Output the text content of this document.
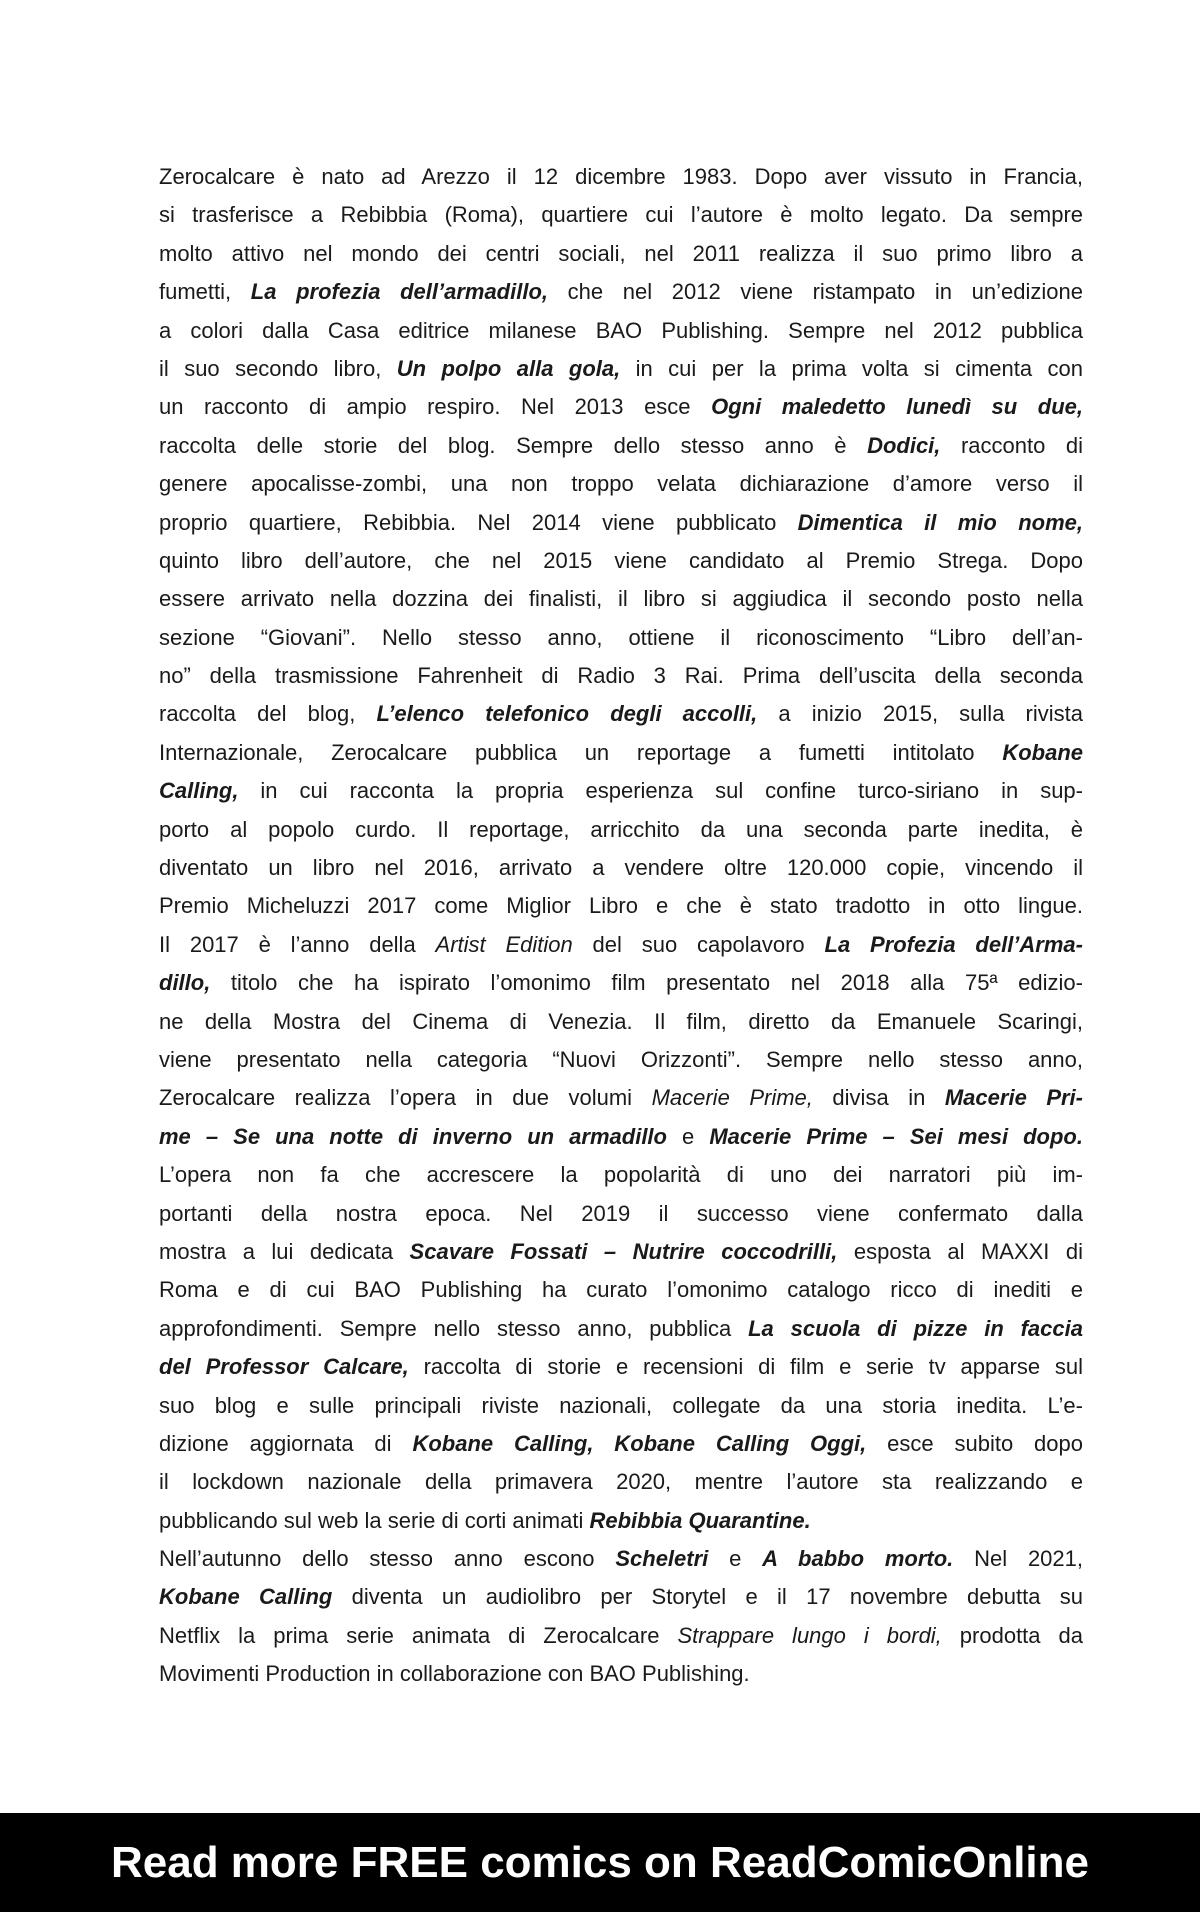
Zerocalcare è nato ad Arezzo il 12 dicembre 1983. Dopo aver vissuto in Francia,
si trasferisce a Rebibbia (Roma), quartiere cui l’autore è molto legato. Da sempre
molto attivo nel mondo dei centri sociali, nel 2011 realizza il suo primo libro a
fumetti, La profezia dell’armadillo, che nel 2012 viene ristampato in un’edizione
a colori dalla Casa editrice milanese BAO Publishing. Sempre nel 2012 pubblica
il suo secondo libro, Un polpo alla gola, in cui per la prima volta si cimenta con
un racconto di ampio respiro. Nel 2013 esce Ogni maledetto lunedì su due,
raccolta delle storie del blog. Sempre dello stesso anno è Dodici, racconto di
genere apocalisse-zombi, una non troppo velata dichiarazione d’amore verso il
proprio quartiere, Rebibbia. Nel 2014 viene pubblicato Dimentica il mio nome,
quinto libro dell’autore, che nel 2015 viene candidato al Premio Strega. Dopo
essere arrivato nella dozzina dei finalisti, il libro si aggiudica il secondo posto nella
sezione “Giovani”. Nello stesso anno, ottiene il riconoscimento “Libro dell’an-
no” della trasmissione Fahrenheit di Radio 3 Rai. Prima dell’uscita della seconda
raccolta del blog, L’elenco telefonico degli accolli, a inizio 2015, sulla rivista
Internazionale, Zerocalcare pubblica un reportage a fumetti intitolato Kobane
Calling, in cui racconta la propria esperienza sul confine turco-siriano in sup-
porto al popolo curdo. Il reportage, arricchito da una seconda parte inedita, è
diventato un libro nel 2016, arrivato a vendere oltre 120.000 copie, vincendo il
Premio Micheluzzi 2017 come Miglior Libro e che è stato tradotto in otto lingue.
Il 2017 è l’anno della Artist Edition del suo capolavoro La Profezia dell’Arma-
dillo, titolo che ha ispirato l’omonimo film presentato nel 2018 alla 75ª edizio-
ne della Mostra del Cinema di Venezia. Il film, diretto da Emanuele Scaringi,
viene presentato nella categoria “Nuovi Orizzonti”. Sempre nello stesso anno,
Zerocalcare realizza l’opera in due volumi Macerie Prime, divisa in Macerie Pri-
me – Se una notte di inverno un armadillo e Macerie Prime – Sei mesi dopo.
L’opera non fa che accrescere la popolarità di uno dei narratori più im-
portanti della nostra epoca. Nel 2019 il successo viene confermato dalla
mostra a lui dedicata Scavare Fossati – Nutrire coccodrilli, esposta al MAXXI di
Roma e di cui BAO Publishing ha curato l’omonimo catalogo ricco di inediti e
approfondimenti. Sempre nello stesso anno, pubblica La scuola di pizze in faccia
del Professor Calcare, raccolta di storie e recensioni di film e serie tv apparse sul
suo blog e sulle principali riviste nazionali, collegate da una storia inedita. L’e-
dizione aggiornata di Kobane Calling, Kobane Calling Oggi, esce subito dopo
il lockdown nazionale della primavera 2020, mentre l’autore sta realizzando e
pubblicando sul web la serie di corti animati Rebibbia Quarantine.
Nell’autunno dello stesso anno escono Scheletri e A babbo morto. Nel 2021,
Kobane Calling diventa un audiolibro per Storytel e il 17 novembre debutta su
Netflix la prima serie animata di Zerocalcare Strappare lungo i bordi, prodotta da
Movimenti Production in collaborazione con BAO Publishing.
Read more FREE comics on ReadComicOnline
